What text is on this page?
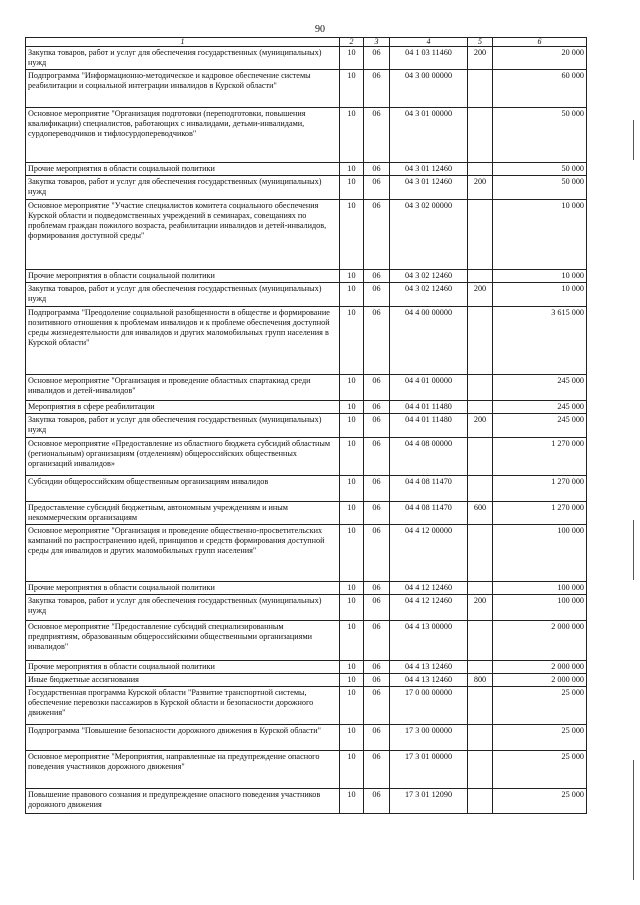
90
1	2	3	4	5	6
Закупка товаров, работ и услуг для обеспечения государственных (муниципальных) нужд	10	06	04 1 03 11460	200	20 000
Подпрограмма "Информационно-методическое и кадровое обеспечение системы реабилитации и социальной интеграции инвалидов в Курской области"	10	06	04 3 00 00000		60 000
Основное мероприятие "Организация подготовки (переподготовки, повышения квалификации) специалистов, работающих с инвалидами, детьми-инвалидами, сурдопереводчиков и тифлосурдопереводчиков"	10	06	04 3 01 00000		50 000
Прочие мероприятия в области социальной политики	10	06	04 3 01 12460		50 000
Закупка товаров, работ и услуг для обеспечения государственных (муниципальных) нужд	10	06	04 3 01 12460	200	50 000
Основное мероприятие "Участие специалистов комитета социального обеспечения Курской области и подведомственных учреждений в семинарах, совещаниях по проблемам граждан пожилого возраста, реабилитации инвалидов и детей-инвалидов, формирования доступной среды"	10	06	04 3 02 00000		10 000
Прочие мероприятия в области социальной политики	10	06	04 3 02 12460		10 000
Закупка товаров, работ и услуг для обеспечения государственных (муниципальных) нужд	10	06	04 3 02 12460	200	10 000
Подпрограмма "Преодоление социальной разобщенности в обществе и формирование позитивного отношения к проблемам инвалидов и к проблеме обеспечения доступной среды жизнедеятельности для инвалидов и других маломобильных групп населения в Курской области"	10	06	04 4 00 00000		3 615 000
Основное мероприятие "Организация и проведение областных спартакиад среди инвалидов и детей-инвалидов"	10	06	04 4 01 00000		245 000
Мероприятия в сфере реабилитации	10	06	04 4 01 11480		245 000
Закупка товаров, работ и услуг для обеспечения государственных (муниципальных) нужд	10	06	04 4 01 11480	200	245 000
Основное мероприятие «Предоставление из областного бюджета субсидий областным (региональным) организациям (отделениям) общероссийских общественных организаций инвалидов»	10	06	04 4 08 00000		1 270 000
Субсидии общероссийским общественным организациям инвалидов	10	06	04 4 08 11470		1 270 000
Предоставление субсидий бюджетным, автономным учреждениям и иным некоммерческим организациям	10	06	04 4 08 11470	600	1 270 000
Основное мероприятие "Организация и проведение общественно-просветительских кампаний по распространению идей, принципов и средств формирования доступной среды для инвалидов и других маломобильных групп населения"	10	06	04 4 12 00000		100 000
Прочие мероприятия в области социальной политики	10	06	04 4 12 12460		100 000
Закупка товаров, работ и услуг для обеспечения государственных (муниципальных) нужд	10	06	04 4 12 12460	200	100 000
Основное мероприятие "Предоставление субсидий специализированным предприятиям, образованным общероссийскими общественными организациями инвалидов"	10	06	04 4 13 00000		2 000 000
Прочие мероприятия в области социальной политики	10	06	04 4 13 12460		2 000 000
Иные бюджетные ассигнования	10	06	04 4 13 12460	800	2 000 000
Государственная программа Курской области "Развитие транспортной системы, обеспечение перевозки пассажиров в Курской области и безопасности дорожного движения"	10	06	17 0 00 00000		25 000
Подпрограмма "Повышение безопасности дорожного движения в Курской области"	10	06	17 3 00 00000		25 000
Основное мероприятие "Мероприятия, направленные на предупреждение опасного поведения участников дорожного движения"	10	06	17 3 01 00000		25 000
Повышение правового сознания и предупреждение опасного поведения участников дорожного движения	10	06	17 3 01 12090		25 000
